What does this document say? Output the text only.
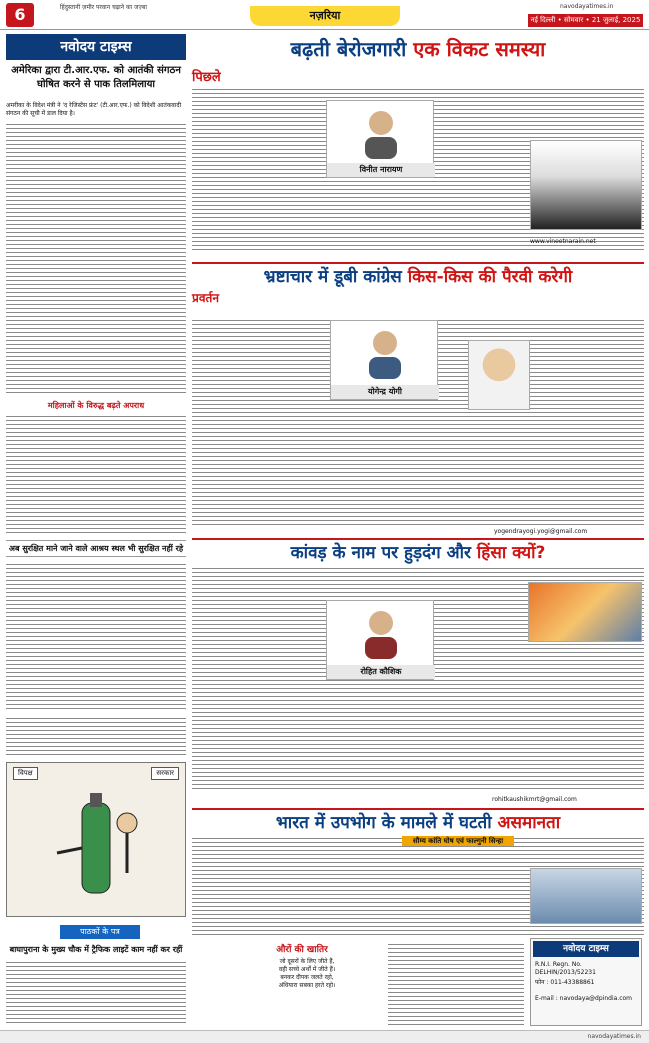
6	हिंदुस्तानी ज़मीर परवान चढ़ाने का जज़्बा
नज़रिया
navodayatimes.in
नई दिल्ली • सोमवार • 21 जुलाई, 2025
नवोदय टाइम्स
अमेरिका द्वारा टी.आर.एफ. को आतंकी संगठन घोषित करने से पाक तिलमिलाया
अमरीका के विदेश मंत्री ने 'द रेजिस्टेंस फ्रंट' (टी.आर.एफ.) को विदेशी आतंकवादी संगठन की सूची में डाल दिया है।
महिलाओं के विरुद्ध बढ़ते अपराध
अब सुरक्षित माने जाने वाले आश्रय स्थल भी सुरक्षित नहीं रहे
विपक्ष	सरकार
पाठकों के पत्र
बाघापुराना के मुख्य चौक में ट्रैफिक लाइटें काम नहीं कर रहीं
बढ़ती बेरोजगारी एक विकट समस्या
पिछले
विनीत नारायण
www.vineetnarain.net
भ्रष्टाचार में डूबी कांग्रेस किस-किस की पैरवी करेगी
प्रवर्तन
योगेन्द्र योगी
yogendrayogi.yogi@gmail.com
कांवड़ के नाम पर हुड़दंग और हिंसा क्यों?
रोहित कौशिक
rohitkaushikmrt@gmail.com
भारत में उपभोग के मामले में घटती असमानता
सौम्य कांति घोष एवं फाल्गुनी सिन्हा
औरों की खातिर
जो दूसरों के लिए जीते हैं,
वही सच्चे अर्थों में जीते हैं।
बनकर दीपक जलते रहो,
अंधियारा सबका हरते रहो।
नवोदय टाइम्स
R.N.I. Regn. No. DELHIN/2013/52231
फोन : 011-43388861
E-mail : navodaya@dpindia.com
navodayatimes.in
